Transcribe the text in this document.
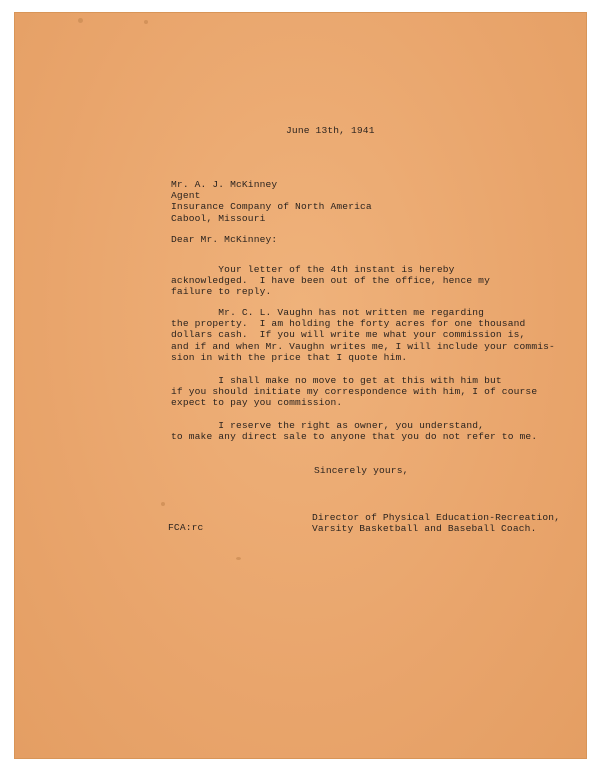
June 13th, 1941
Mr. A. J. McKinney
Agent
Insurance Company of North America
Cabool, Missouri
Dear Mr. McKinney:
Your letter of the 4th instant is hereby
acknowledged.  I have been out of the office, hence my
failure to reply.
Mr. C. L. Vaughn has not written me regarding
the property.  I am holding the forty acres for one thousand
dollars cash.  If you will write me what your commission is,
and if and when Mr. Vaughn writes me, I will include your commis-
sion in with the price that I quote him.
I shall make no move to get at this with him but
if you should initiate my correspondence with him, I of course
expect to pay you commission.
I reserve the right as owner, you understand,
to make any direct sale to anyone that you do not refer to me.
Sincerely yours,
Director of Physical Education-Recreation,
Varsity Basketball and Baseball Coach.
FCA:rc
